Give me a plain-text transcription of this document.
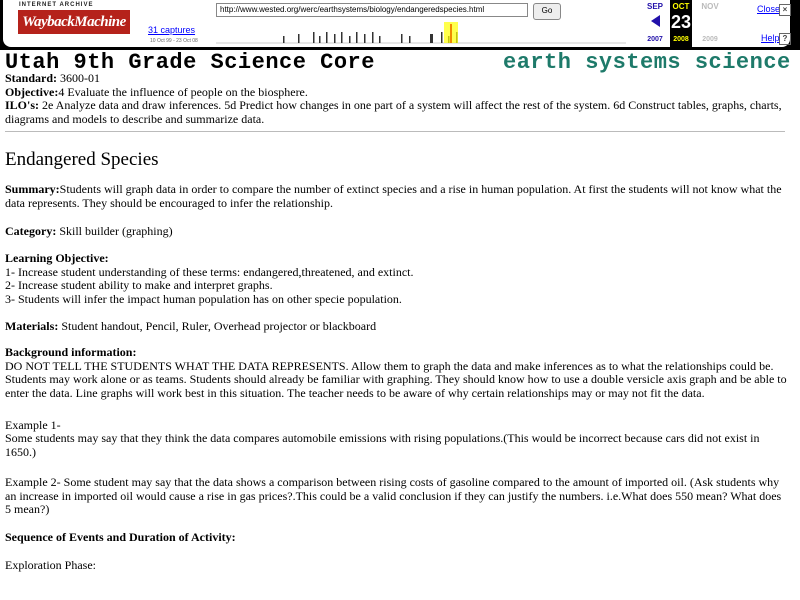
INTERNET ARCHIVE
WaybackMachine
http://www.wested.org/werc/earthsystems/biology/endangeredspecies.html
Go
31 captures
10 Oct 99 - 23 Oct 08
SEP	OCT
23
NOV
2007	2008	2009
Close ×
Help ?
Utah 9th Grade Science Core	earth systems science

Standard: 3600-01

Objective:4 Evaluate the influence of people on the biosphere.

ILO's: 2e Analyze data and draw inferences. 5d Predict how changes in one part of a system will affect the rest of the system. 6d Construct tables, graphs, charts, diagrams and models to describe and summarize data.

Endangered Species

Summary:Students will graph data in order to compare the number of extinct species and a rise in human population. At first the students will not know what the data represents. They should be encouraged to infer the relationship.

Category: Skill builder (graphing)

Learning Objective:

1- Increase student understanding of these terms: endangered,threatened, and extinct.

2- Increase student ability to make and interpret graphs.

3- Students will infer the impact human population has on other specie population.

Materials: Student handout, Pencil, Ruler, Overhead projector or blackboard

Background information:

DO NOT TELL THE STUDENTS WHAT THE DATA REPRESENTS. Allow them to graph the data and make inferences as to what the relationships could be. Students may work alone or as teams. Students should already be familiar with graphing. They should know how to use a double versicle axis graph and be able to enter the data. Line graphs will work best in this situation. The teacher needs to be aware of why certain relationships may or may not fit the data.

Example 1-

Some students may say that they think the data compares automobile emissions with rising populations.(This would be incorrect because cars did not exist in 1650.)

Example 2- Some student may say that the data shows a comparison between rising costs of gasoline compared to the amount of imported oil. (Ask students why an increase in imported oil would cause a rise in gas prices?.This could be a valid conclusion if they can justify the numbers. i.e.What does 550 mean? What does 5 mean?)

Sequence of Events and Duration of Activity:

Exploration Phase:
